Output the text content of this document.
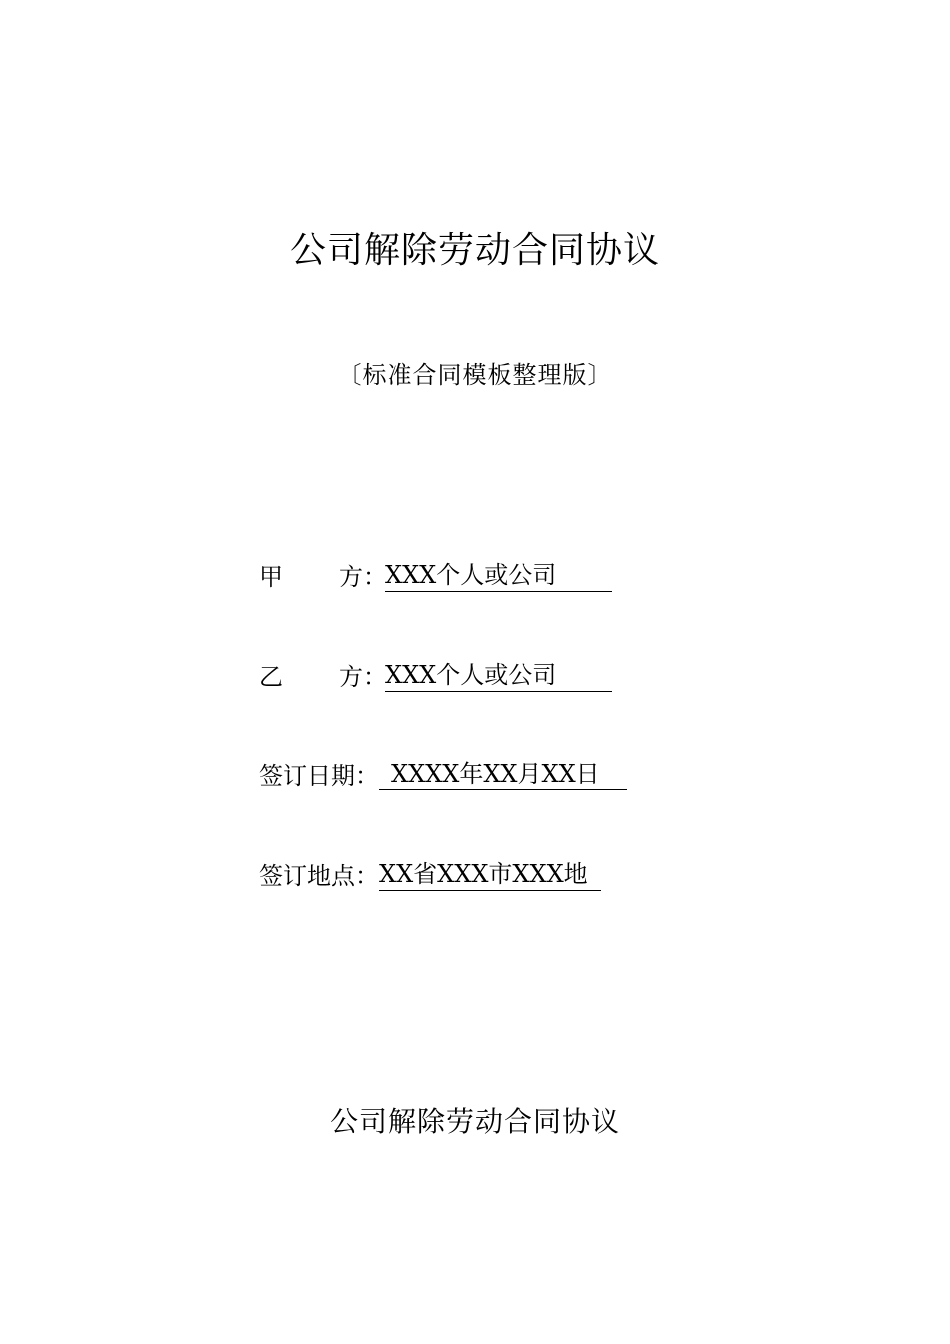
公司解除劳动合同协议
〔标准合同模板整理版〕
甲 方：XXX个人或公司
乙 方：XXX个人或公司
签订日期： XXXX年XX月XX日
签订地点：XX省XXX市XXX地
公司解除劳动合同协议
